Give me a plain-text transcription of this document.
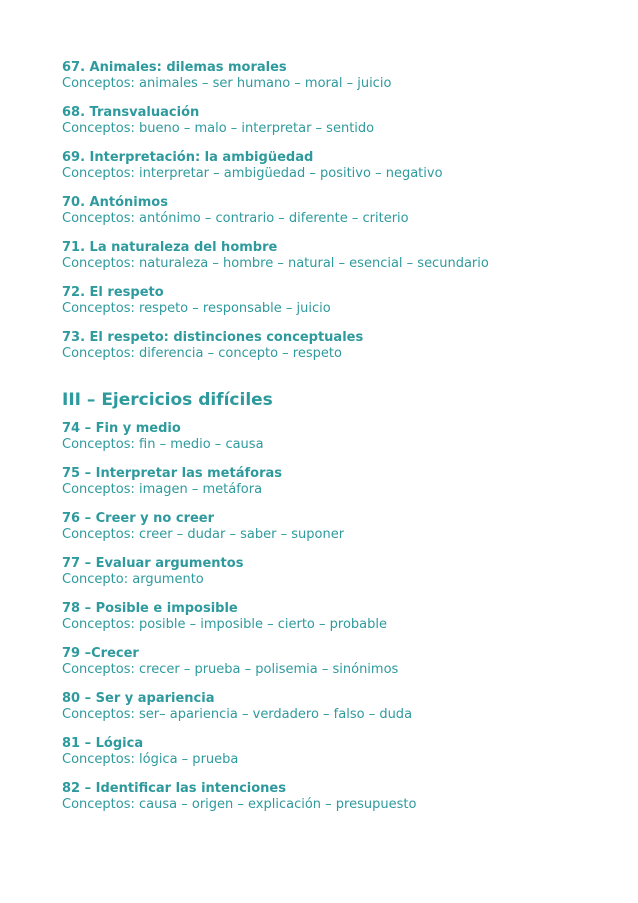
67. Animales: dilemas morales
Conceptos: animales – ser humano – moral – juicio
68. Transvaluación
Conceptos: bueno – malo – interpretar – sentido
69. Interpretación: la ambigüedad
Conceptos: interpretar – ambigüedad – positivo – negativo
70. Antónimos
Conceptos: antónimo – contrario – diferente – criterio
71. La naturaleza del hombre
Conceptos: naturaleza – hombre – natural – esencial – secundario
72. El respeto
Conceptos: respeto – responsable – juicio
73. El respeto: distinciones conceptuales
Conceptos: diferencia – concepto – respeto
III – Ejercicios difíciles
74 – Fin y medio
Conceptos: fin – medio – causa
75 – Interpretar las metáforas
Conceptos: imagen – metáfora
76 – Creer y no creer
Conceptos: creer – dudar – saber – suponer
77 – Evaluar argumentos
Concepto: argumento
78 – Posible e imposible
Conceptos: posible – imposible – cierto – probable
79 –Crecer
Conceptos: crecer – prueba – polisemia – sinónimos
80 – Ser y apariencia
Conceptos: ser– apariencia – verdadero – falso – duda
81 – Lógica
Conceptos: lógica – prueba
82 – Identificar las intenciones
Conceptos: causa – origen – explicación – presupuesto
